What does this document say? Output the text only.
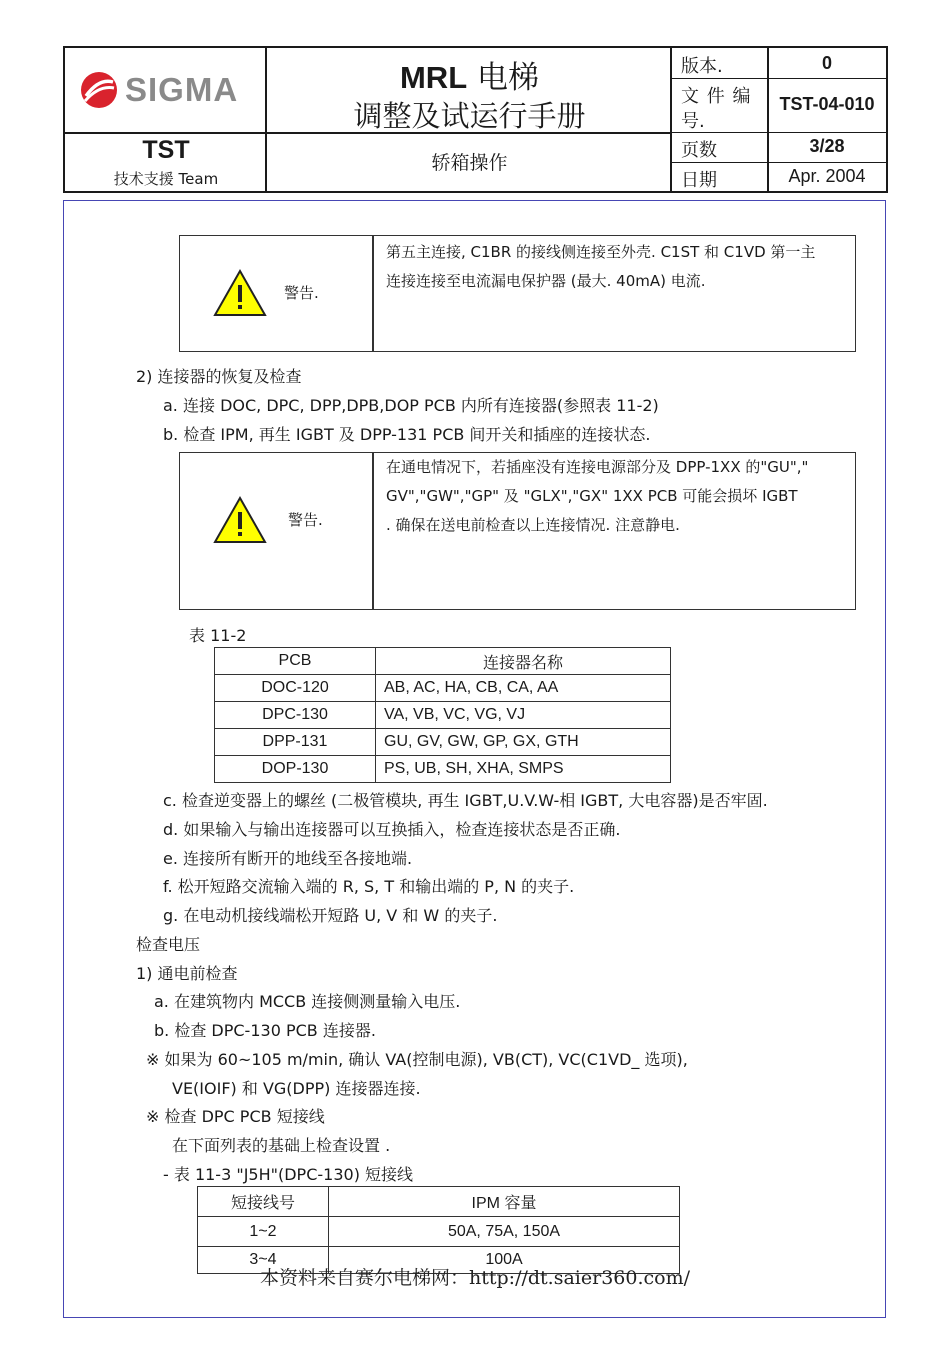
SIGMA
TST
技术支援 Team
MRL 电梯
调整及试运行手册
轿箱操作
版本.	0
文 件 编
号.
TST-04-010
页数	3/28
日期	Apr. 2004
警告.
第五主连接, C1BR 的接线侧连接至外壳. C1ST 和 C1VD 第一主
连接连接至电流漏电保护器 (最大. 40mA) 电流.
2) 连接器的恢复及检查
a. 连接 DOC, DPC, DPP,DPB,DOP PCB 内所有连接器(参照表 11-2)
b. 检查 IPM, 再生 IGBT 及 DPP-131 PCB 间开关和插座的连接状态.
警告.
在通电情况下，若插座没有连接电源部分及 DPP-1XX 的"GU","
GV","GW","GP" 及 "GLX","GX" 1XX PCB 可能会损坏 IGBT
. 确保在送电前检查以上连接情况. 注意静电.
表 11-2
PCB	连接器名称
DOC-120	AB, AC, HA, CB, CA, AA
DPC-130	VA, VB, VC, VG, VJ
DPP-131	GU, GV, GW, GP, GX, GTH
DOP-130	PS, UB, SH, XHA, SMPS
c. 检查逆变器上的螺丝 (二极管模块, 再生 IGBT,U.V.W-相 IGBT, 大电容器)是否牢固.
d. 如果输入与输出连接器可以互换插入，检查连接状态是否正确.
e. 连接所有断开的地线至各接地端.
f. 松开短路交流输入端的 R, S, T 和输出端的 P, N 的夹子.
g. 在电动机接线端松开短路 U, V 和 W 的夹子.
检查电压
1) 通电前检查
a. 在建筑物内 MCCB 连接侧测量输入电压.
b. 检查 DPC-130 PCB 连接器.
※ 如果为 60~105 m/min, 确认 VA(控制电源), VB(CT), VC(C1VD_ 选项),
VE(IOIF) 和 VG(DPP) 连接器连接.
※ 检查 DPC PCB 短接线
在下面列表的基础上检查设置 .
- 表 11-3 "J5H"(DPC-130) 短接线
短接线号	IPM 容量
1~2	50A, 75A, 150A
3~4	100A
本资料来自赛尔电梯网：http://dt.saier360.com/
